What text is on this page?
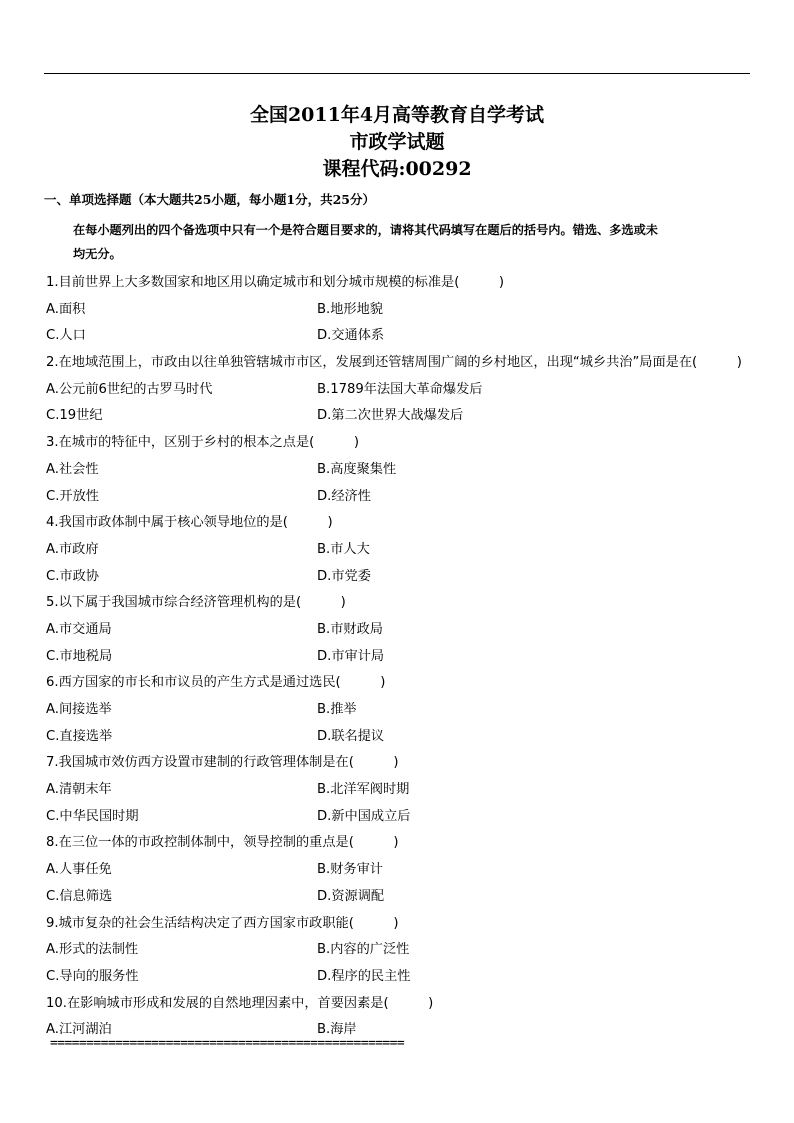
全国2011年4月高等教育自学考试
市政学试题
课程代码:00292
一、单项选择题（本大题共25小题，每小题1分，共25分）
在每小题列出的四个备选项中只有一个是符合题目要求的，请将其代码填写在题后的括号内。错选、多选或未
均无分。
1.目前世界上大多数国家和地区用以确定城市和划分城市规模的标准是(　　　)
A.面积	B.地形地貌
C.人口	D.交通体系
2.在地域范围上，市政由以往单独管辖城市市区，发展到还管辖周围广阔的乡村地区，出现“城乡共治”局面是在(　　　)
A.公元前6世纪的古罗马时代	B.1789年法国大革命爆发后
C.19世纪	D.第二次世界大战爆发后
3.在城市的特征中，区别于乡村的根本之点是(　　　)
A.社会性	B.高度聚集性
C.开放性	D.经济性
4.我国市政体制中属于核心领导地位的是(　　　)
A.市政府	B.市人大
C.市政协	D.市党委
5.以下属于我国城市综合经济管理机构的是(　　　)
A.市交通局	B.市财政局
C.市地税局	D.市审计局
6.西方国家的市长和市议员的产生方式是通过选民(　　　)
A.间接选举	B.推举
C.直接选举	D.联名提议
7.我国城市效仿西方设置市建制的行政管理体制是在(　　　)
A.清朝末年	B.北洋军阀时期
C.中华民国时期	D.新中国成立后
8.在三位一体的市政控制体制中，领导控制的重点是(　　　)
A.人事任免	B.财务审计
C.信息筛选	D.资源调配
9.城市复杂的社会生活结构决定了西方国家市政职能(　　　)
A.形式的法制性	B.内容的广泛性
C.导向的服务性	D.程序的民主性
10.在影响城市形成和发展的自然地理因素中，首要因素是(　　　)
A.江河湖泊	B.海岸
=================================================
